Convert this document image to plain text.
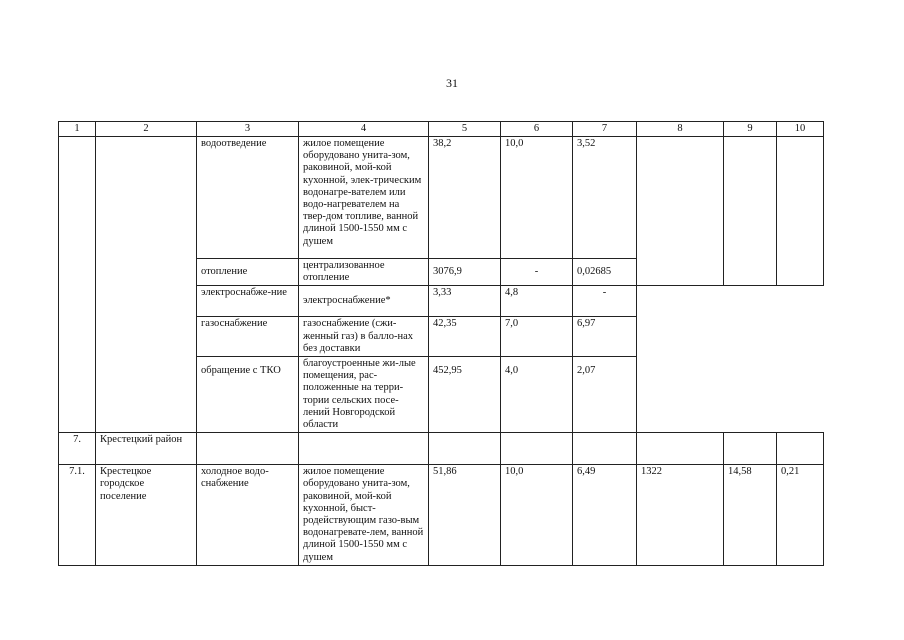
31
1	2	3	4	5	6	7	8	9	10
		водоотведение	жилое помещение оборудовано унита-зом, раковиной, мой-кой кухонной, элек-трическим водонагре-вателем или водо-нагревателем на твер-дом топливе, ванной длиной 1500-1550 мм с душем	38,2	10,0	3,52			
		отопление	централизованное отопление	3076,9	-	0,02685			
		электроснабже-ние	электроснабжение*	3,33	4,8	-			
		газоснабжение	газоснабжение (сжи-женный газ) в балло-нах без доставки	42,35	7,0	6,97			
		обращение с ТКО	благоустроенные жи-лые помещения, рас-положенные на терри-тории сельских посе-лений Новгородской области	452,95	4,0	2,07			
7.	Крестецкий район								
7.1.	Крестецкое городское поселение	холодное водо-снабжение	жилое помещение оборудовано унита-зом, раковиной, мой-кой кухонной, быст-родействующим газо-вым водонагревате-лем, ванной длиной 1500-1550 мм с душем	51,86	10,0	6,49	1322	14,58	0,21
